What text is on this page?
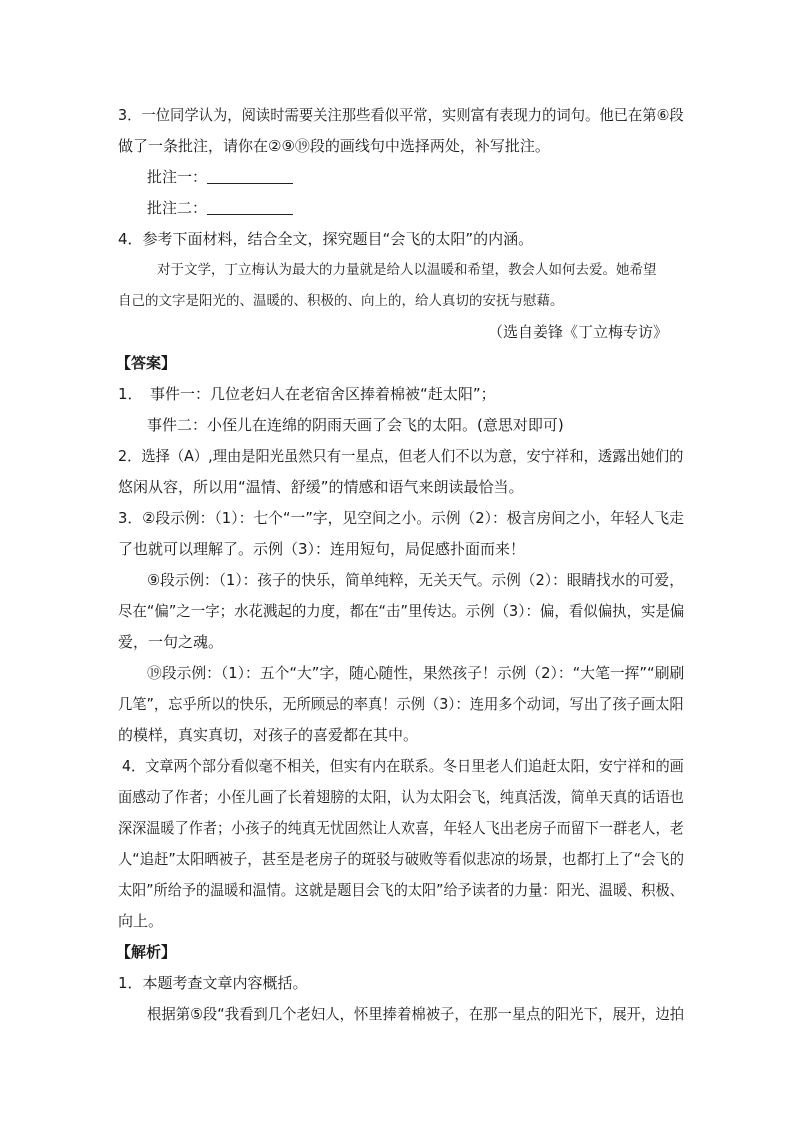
3．一位同学认为，阅读时需要关注那些看似平常，实则富有表现力的词句。他已在第⑥段
做了一条批注，请你在②⑨⑲段的画线句中选择两处，补写批注。
批注一：
批注二：
4．参考下面材料，结合全文，探究题目“会飞的太阳”的内涵。
对于文学，丁立梅认为最大的力量就是给人以温暖和希望，教会人如何去爱。她希望
自己的文字是阳光的、温暖的、积极的、向上的，给人真切的安抚与慰藉。
（选自姜锋《丁立梅专访》
【答案】
1．　事件一：几位老妇人在老宿舍区捧着棉被“赶太阳”；
事件二：小侄儿在连绵的阴雨天画了会飞的太阳。(意思对即可)
2．选择（A）,理由是阳光虽然只有一星点，但老人们不以为意，安宁祥和，透露出她们的
悠闲从容，所以用“温情、舒缓”的情感和语气来朗读最恰当。
3．②段示例：（1）：七个“一”字，见空间之小。示例（2）：极言房间之小，年轻人飞走
了也就可以理解了。示例（3）：连用短句，局促感扑面而来！
⑨段示例：（1）：孩子的快乐，简单纯粹，无关天气。示例（2）：眼睛找水的可爱，
尽在“偏”之一字；水花溅起的力度，都在“击”里传达。示例（3）：偏，看似偏执，实是偏
爱，一句之魂。
⑲段示例：（1）：五个“大”字，随心随性，果然孩子！示例（2）：“大笔一挥”“刷刷
几笔”，忘乎所以的快乐，无所顾忌的率真！示例（3）：连用多个动词，写出了孩子画太阳
的模样，真实真切，对孩子的喜爱都在其中。
4．文章两个部分看似毫不相关，但实有内在联系。冬日里老人们追赶太阳，安宁祥和的画
面感动了作者；小侄儿画了长着翅膀的太阳，认为太阳会飞，纯真活泼，简单天真的话语也
深深温暖了作者；小孩子的纯真无忧固然让人欢喜，年轻人飞出老房子而留下一群老人，老
人“追赶”太阳晒被子，甚至是老房子的斑驳与破败等看似悲凉的场景，也都打上了“会飞的
太阳”所给予的温暖和温情。这就是题目会飞的太阳”给予读者的力量：阳光、温暖、积极、
向上。
【解析】
1．本题考查文章内容概括。
根据第⑤段“我看到几个老妇人，怀里捧着棉被子，在那一星点的阳光下，展开，边拍
